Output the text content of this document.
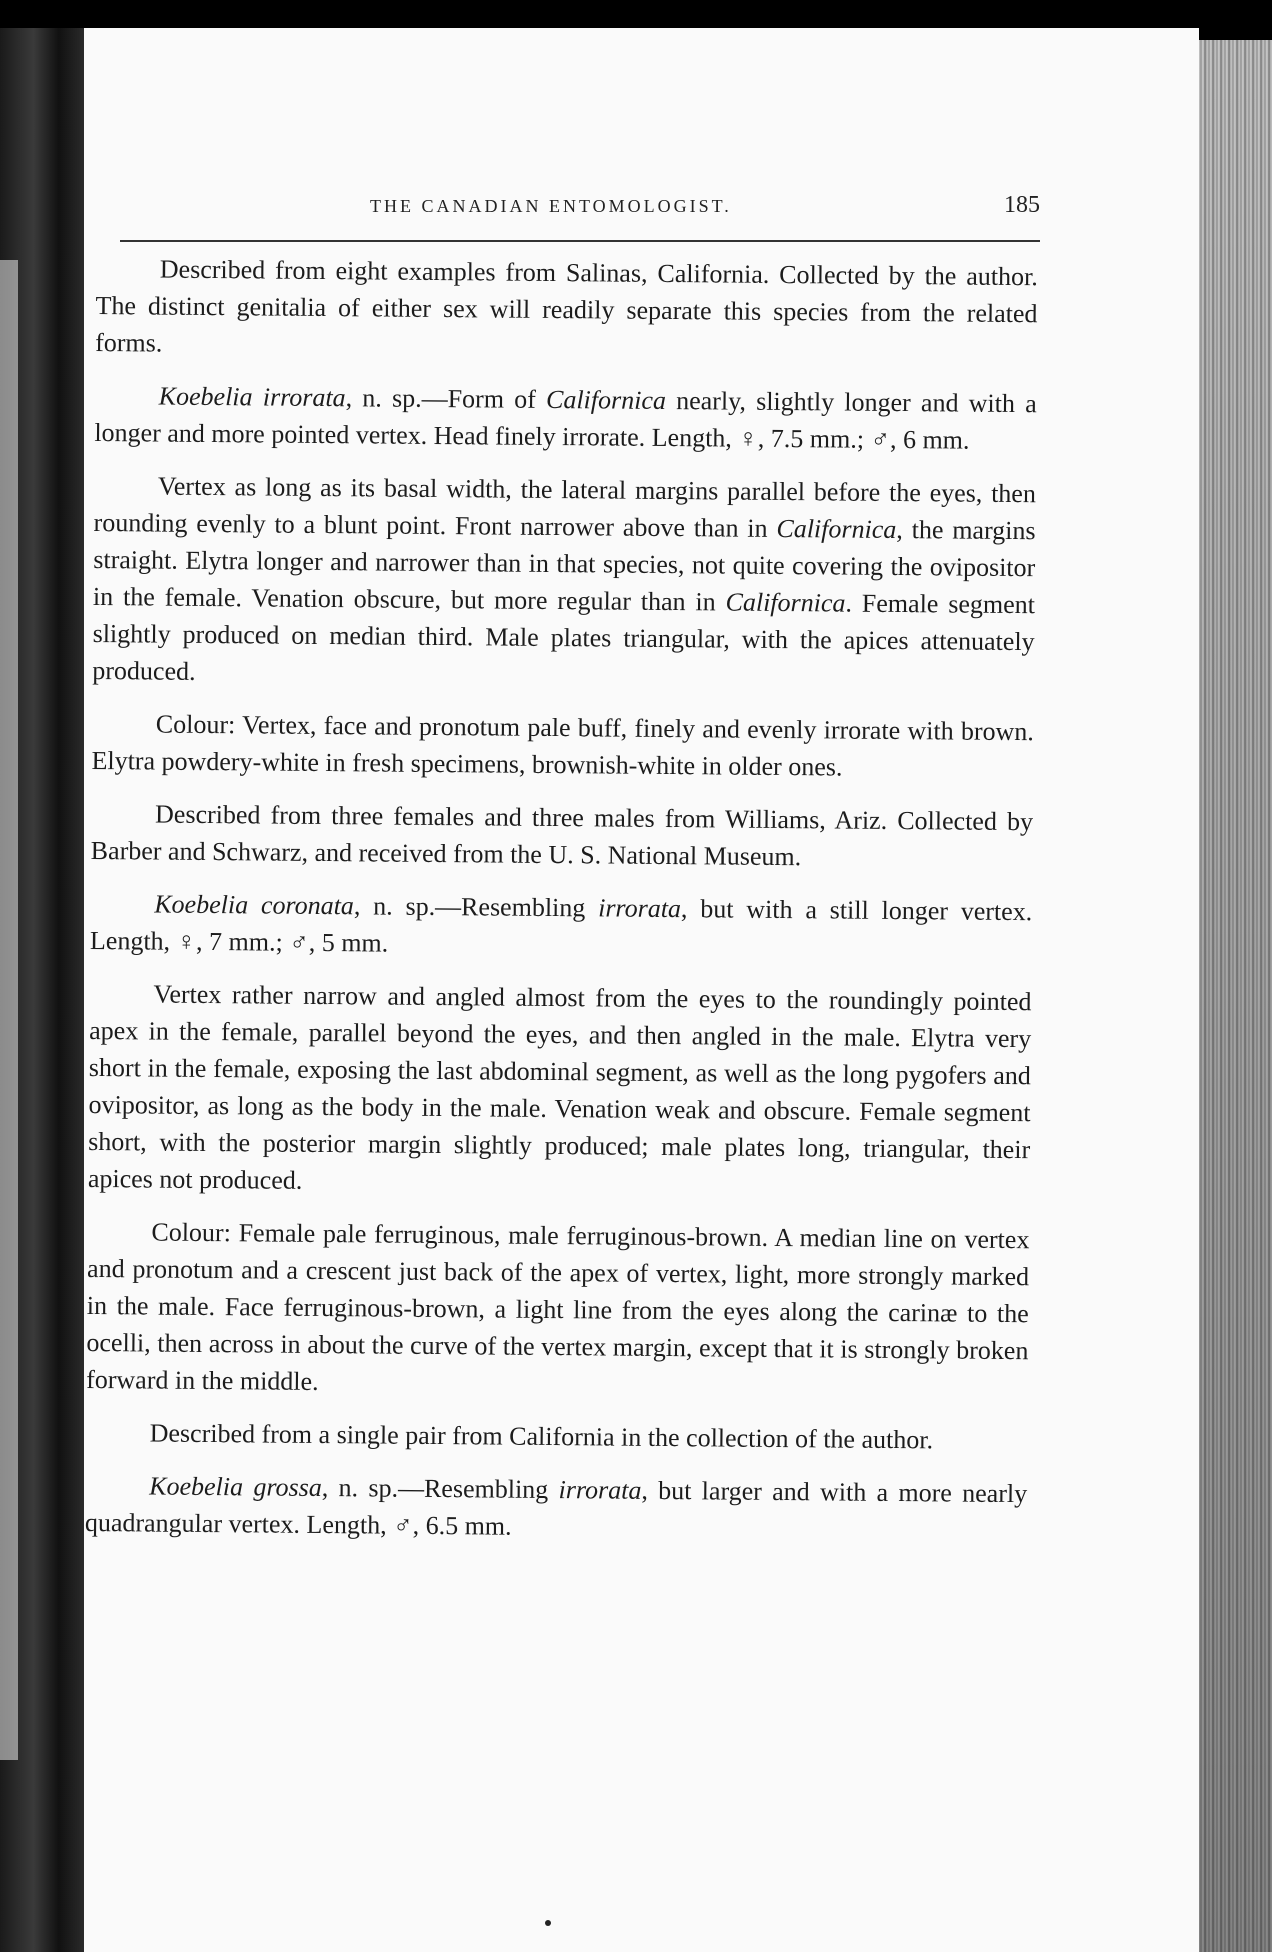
THE CANADIAN ENTOMOLOGIST.	185

Described from eight examples from Salinas, California. Collected by the author. The distinct genitalia of either sex will readily separate this species from the related forms.

Koebelia irrorata, n. sp.—Form of Californica nearly, slightly longer and with a longer and more pointed vertex. Head finely irrorate. Length, ♀, 7.5 mm.; ♂, 6 mm.

Vertex as long as its basal width, the lateral margins parallel before the eyes, then rounding evenly to a blunt point. Front narrower above than in Californica, the margins straight. Elytra longer and narrower than in that species, not quite covering the ovipositor in the female. Venation obscure, but more regular than in Californica. Female segment slightly produced on median third. Male plates triangular, with the apices attenuately produced.

Colour: Vertex, face and pronotum pale buff, finely and evenly irrorate with brown. Elytra powdery-white in fresh specimens, brownish-white in older ones.

Described from three females and three males from Williams, Ariz. Collected by Barber and Schwarz, and received from the U. S. National Museum.

Koebelia coronata, n. sp.—Resembling irrorata, but with a still longer vertex. Length, ♀, 7 mm.; ♂, 5 mm.

Vertex rather narrow and angled almost from the eyes to the roundingly pointed apex in the female, parallel beyond the eyes, and then angled in the male. Elytra very short in the female, exposing the last abdominal segment, as well as the long pygofers and ovipositor, as long as the body in the male. Venation weak and obscure. Female segment short, with the posterior margin slightly produced; male plates long, triangular, their apices not produced.

Colour: Female pale ferruginous, male ferruginous-brown. A median line on vertex and pronotum and a crescent just back of the apex of vertex, light, more strongly marked in the male. Face ferruginous-brown, a light line from the eyes along the carinæ to the ocelli, then across in about the curve of the vertex margin, except that it is strongly broken forward in the middle.

Described from a single pair from California in the collection of the author.

Koebelia grossa, n. sp.—Resembling irrorata, but larger and with a more nearly quadrangular vertex. Length, ♂, 6.5 mm.
